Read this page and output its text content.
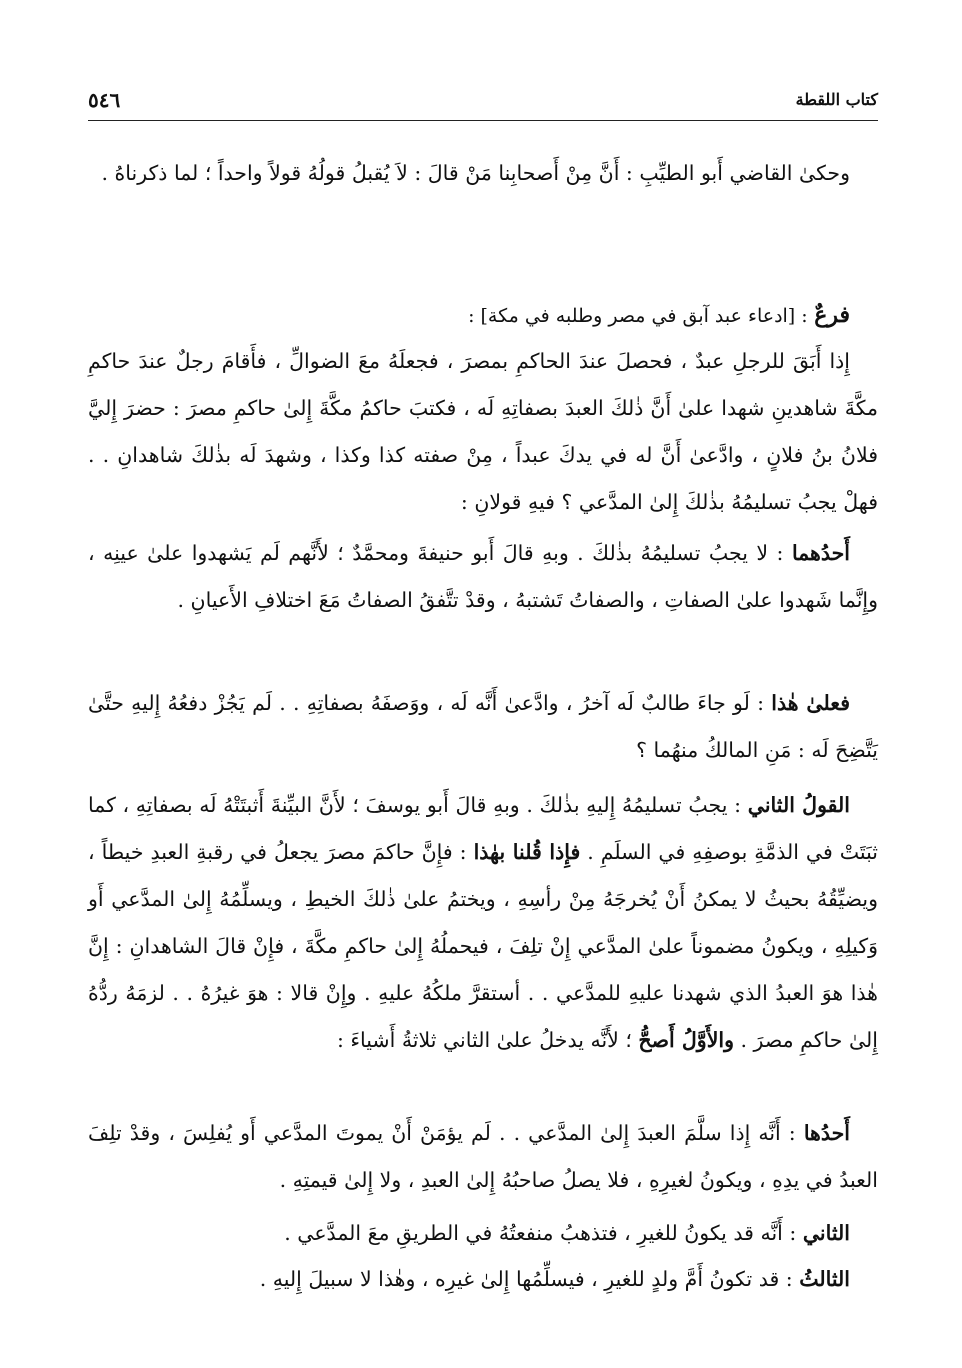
كتاب اللقطة
٥٤٦

وحكىٰ القاضي أَبو الطيِّبِ : أَنَّ مِنْ أَصحابِنا مَنْ قالَ : لاَ يُقبلُ قولُهُ قولاً واحداً ؛ لما ذكرناهُ .

فرعٌ : [ادعاء عبد آبق في مصر وطلبه في مكة] :

إِذا أَبَقَ للرجلِ عبدٌ ، فحصلَ عندَ الحاكمِ بمصرَ ، فجعلَهُ معَ الضوالِّ ، فأَقامَ رجلٌ عندَ حاكمِ مكَّةَ شاهدينِ شهدا علىٰ أَنَّ ذٰلكَ العبدَ بصفاتِهِ لَه ، فكتبَ حاكمُ مكَّةَ إِلىٰ حاكمِ مصرَ : حضرَ إِليَّ فلانُ بنُ فلانٍ ، وادَّعىٰ أَنَّ له في يدكَ عبداً ، مِنْ صفته كذا وكذا ، وشهدَ لَه بذٰلكَ شاهدانِ . . فهلْ يجبُ تسليمُهُ بذٰلكَ إِلىٰ المدَّعي ؟ فيهِ قولانِ :

أَحدُهما : لا يجبُ تسليمُهُ بذٰلكَ . وبهِ قالَ أَبو حنيفةَ ومحمَّدٌ ؛ لأَنَّهم لَم يَشهدوا علىٰ عينِه ، وإِنَّما شَهدوا علىٰ الصفاتِ ، والصفاتُ تَشتبهُ ، وقدْ تتَّفقُ الصفاتُ مَعَ اختلافِ الأَعيانِ .

فعلىٰ هٰذا : لَو جاءَ طالبٌ لَه آخرُ ، وادَّعىٰ أَنَّه لَه ، ووَصفَهُ بصفاتِهِ . . لَم يَجُزْ دفعُهُ إِليهِ حتَّىٰ يَتَّضِحَ لَه : مَنِ المالكُ منهُما ؟

القولُ الثاني : يجبُ تسليمُهُ إِليهِ بذٰلكَ . وبهِ قالَ أَبو يوسفَ ؛ لأَنَّ البيِّنةَ أَثبتَتْهُ لَه بصفاتِهِ ، كما ثبَتَتْ في الذمَّةِ بوصفِهِ في السلَمِ . فإِذا قُلنا بهٰذا : فإِنَّ حاكمَ مصرَ يجعلُ في رقبةِ العبدِ خيطاً ، ويضيِّقُهُ بحيثُ لا يمكنُ أَنْ يُخرجَهُ مِنْ رأسِهِ ، ويختمُ علىٰ ذٰلكَ الخيطِ ، ويسلِّمُهُ إِلىٰ المدَّعي أَو وَكيلِهِ ، ويكونُ مضموناً علىٰ المدَّعي إِنْ تلِفَ ، فيحملُهُ إِلىٰ حاكمِ مكَّةَ ، فإِنْ قالَ الشاهدانِ : إِنَّ هٰذا هوَ العبدُ الذي شهدنا عليهِ للمدَّعي . . أستقرَّ ملكُهُ عليهِ . وإِنْ قالا : هوَ غيرُهُ . . لزمَهُ ردُّهُ إِلىٰ حاكمِ مصرَ . والأَوَّلُ أَصحُّ ؛ لأَنَّه يدخلُ علىٰ الثاني ثلاثةُ أَشياءَ :

أَحدُها : أَنَّه إِذا سلَّمَ العبدَ إِلىٰ المدَّعي . . لَم يؤمَنْ أَنْ يموتَ المدَّعي أَو يُفلِسَ ، وقدْ تلِفَ العبدُ في يدِهِ ، ويكونُ لغيرِهِ ، فلا يصلُ صاحبُهُ إِلىٰ العبدِ ، ولا إِلىٰ قيمتِهِ .

الثاني : أَنَّه قد يكونُ للغيرِ ، فتذهبُ منفعتُهُ في الطريقِ معَ المدَّعي .

الثالثُ : قد تكونُ أَمَّ ولدٍ للغيرِ ، فيسلِّمُها إِلىٰ غيرِه ، وهٰذا لا سبيلَ إِليهِ .
